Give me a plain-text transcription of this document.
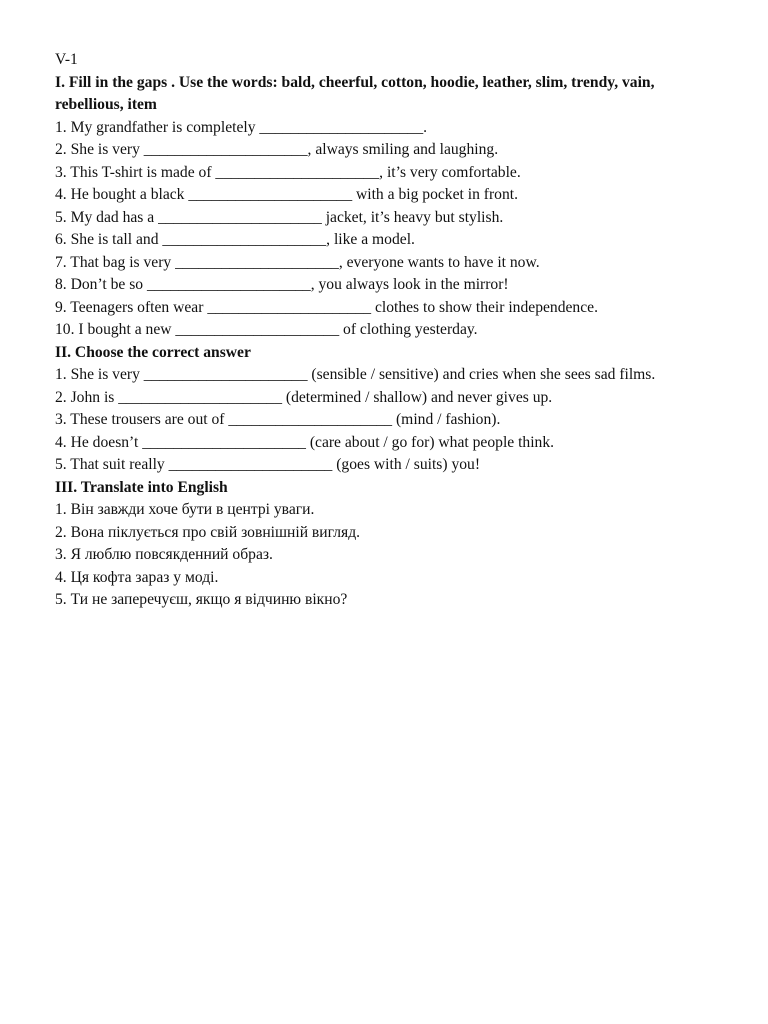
V-1

I. Fill in the gaps . Use the words: bald, cheerful, cotton, hoodie, leather, slim, trendy, vain, rebellious, item

1. My grandfather is completely _____________________.

2. She is very _____________________, always smiling and laughing.

3. This T-shirt is made of _____________________, it’s very comfortable.

4. He bought a black _____________________ with a big pocket in front.

5. My dad has a _____________________ jacket, it’s heavy but stylish.

6. She is tall and _____________________, like a model.

7. That bag is very _____________________, everyone wants to have it now.

8. Don’t be so _____________________, you always look in the mirror!

9. Teenagers often wear _____________________ clothes to show their independence.

10. I bought a new _____________________ of clothing yesterday.

II. Choose the correct answer

1. She is very _____________________ (sensible / sensitive) and cries when she sees sad films.

2. John is _____________________ (determined / shallow) and never gives up.

3. These trousers are out of _____________________ (mind / fashion).

4. He doesn’t _____________________ (care about / go for) what people think.

5. That suit really _____________________ (goes with / suits) you!

III. Translate into English

1. Він завжди хоче бути в центрі уваги.

2. Вона піклується про свій зовнішній вигляд.

3. Я люблю повсякденний образ.

4. Ця кофта зараз у моді.

5. Ти не заперечуєш, якщо я відчиню вікно?
